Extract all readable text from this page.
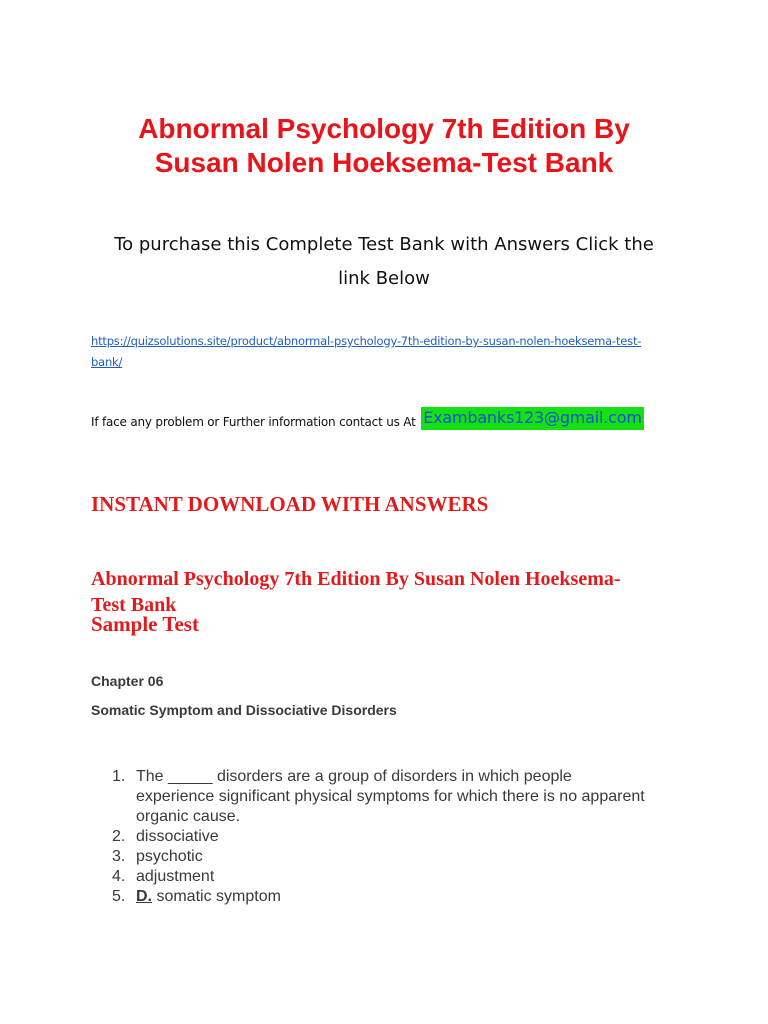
Abnormal Psychology 7th Edition By
Susan Nolen Hoeksema-Test Bank
To purchase this Complete Test Bank with Answers Click the
link Below
https://quizsolutions.site/product/abnormal-psychology-7th-edition-by-susan-nolen-hoeksema-test-
bank/
If face any problem or Further information contact us At Exambanks123@gmail.com
INSTANT DOWNLOAD WITH ANSWERS

Abnormal Psychology 7th Edition By Susan Nolen Hoeksema-
Test Bank
Sample Test
Chapter 06
Somatic Symptom and Dissociative Disorders
1. The _____ disorders are a group of disorders in which people
experience significant physical symptoms for which there is no apparent
organic cause.
2. dissociative
3. psychotic
4. adjustment
5. D. somatic symptom
